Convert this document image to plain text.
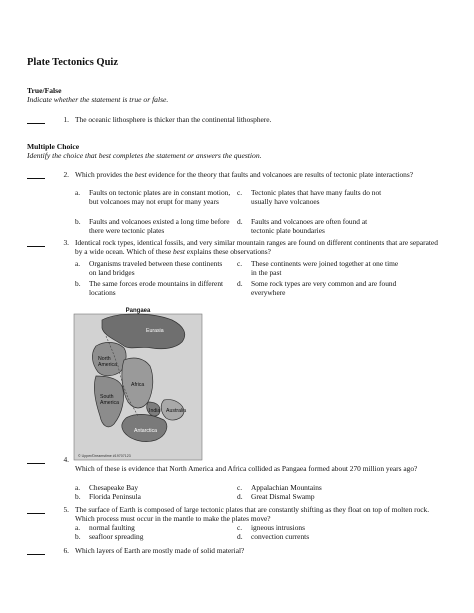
Plate Tectonics Quiz
True/False
Indicate whether the statement is true or false.
1. The oceanic lithosphere is thicker than the continental lithosphere.
Multiple Choice
Identify the choice that best completes the statement or answers the question.
2. Which provides the best evidence for the theory that faults and volcanoes are results of tectonic plate interactions?
a. Faults on tectonic plates are in constant motion, but volcanoes may not erupt for many years
c. Tectonic plates that have many faults do not usually have volcanoes
b. Faults and volcanoes existed a long time before there were tectonic plates
d. Faults and volcanoes are often found at tectonic plate boundaries
3. Identical rock types, identical fossils, and very similar mountain ranges are found on different continents that are separated by a wide ocean. Which of these best explains these observations?
a. Organisms traveled between these continents on land bridges
c. These continents were joined together at one time in the past
b. The same forces erode mountains in different locations
d. Some rock types are very common and are found everywhere
Pangaea
Eurasia
North
America
Africa
South
America
India Australia
Antarctica
© Upper/Dreamstime #19707123
4.
Which of these is evidence that North America and Africa collided as Pangaea formed about 270 million years ago?
a. Chesapeake Bay	c. Appalachian Mountains
b. Florida Peninsula	d. Great Dismal Swamp
5. The surface of Earth is composed of large tectonic plates that are constantly shifting as they float on top of molten rock. Which process must occur in the mantle to make the plates move?
a. normal faulting	c. igneous intrusions
b. seafloor spreading	d. convection currents
6. Which layers of Earth are mostly made of solid material?
